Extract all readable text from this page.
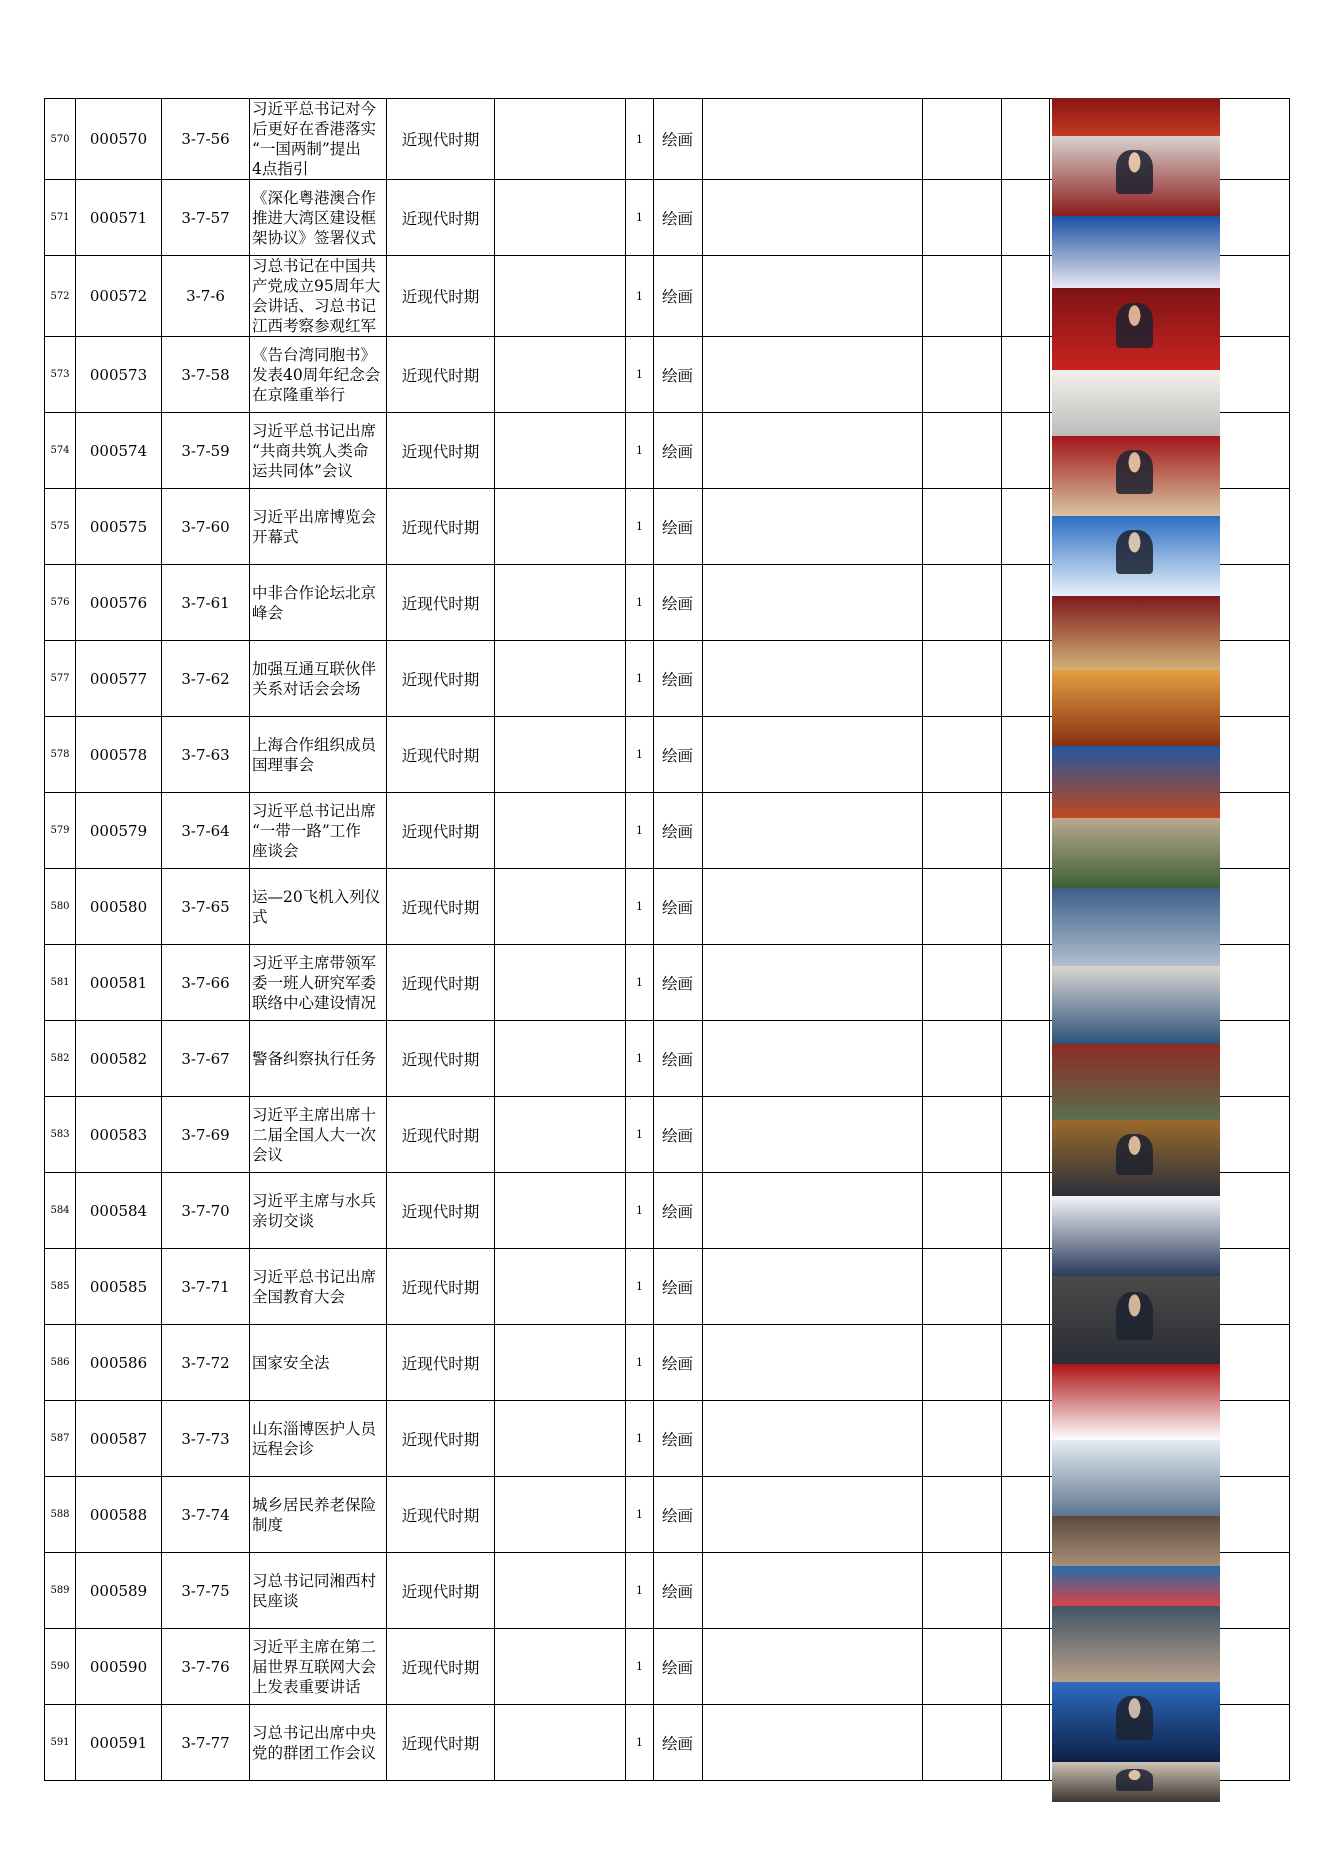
570	000570	3-7-56	习近平总书记对今
后更好在香港落实
“一国两制”提出
4点指引	近现代时期		1	绘画				
571	000571	3-7-57	《深化粤港澳合作
推进大湾区建设框
架协议》签署仪式	近现代时期		1	绘画				
572	000572	3-7-6	习总书记在中国共
产党成立95周年大
会讲话、习总书记
江西考察参观红军	近现代时期		1	绘画				
573	000573	3-7-58	《告台湾同胞书》
发表40周年纪念会
在京隆重举行	近现代时期		1	绘画				
574	000574	3-7-59	习近平总书记出席
“共商共筑人类命
运共同体”会议	近现代时期		1	绘画				
575	000575	3-7-60	习近平出席博览会
开幕式	近现代时期		1	绘画				
576	000576	3-7-61	中非合作论坛北京
峰会	近现代时期		1	绘画				
577	000577	3-7-62	加强互通互联伙伴
关系对话会会场	近现代时期		1	绘画				
578	000578	3-7-63	上海合作组织成员
国理事会	近现代时期		1	绘画				
579	000579	3-7-64	习近平总书记出席
“一带一路”工作
座谈会	近现代时期		1	绘画				
580	000580	3-7-65	运—20飞机入列仪
式	近现代时期		1	绘画				
581	000581	3-7-66	习近平主席带领军
委一班人研究军委
联络中心建设情况	近现代时期		1	绘画				
582	000582	3-7-67	警备纠察执行任务	近现代时期		1	绘画				
583	000583	3-7-69	习近平主席出席十
二届全国人大一次
会议	近现代时期		1	绘画				
584	000584	3-7-70	习近平主席与水兵
亲切交谈	近现代时期		1	绘画				
585	000585	3-7-71	习近平总书记出席
全国教育大会	近现代时期		1	绘画				
586	000586	3-7-72	国家安全法	近现代时期		1	绘画				
587	000587	3-7-73	山东淄博医护人员
远程会诊	近现代时期		1	绘画				
588	000588	3-7-74	城乡居民养老保险
制度	近现代时期		1	绘画				
589	000589	3-7-75	习总书记同湘西村
民座谈	近现代时期		1	绘画				
590	000590	3-7-76	习近平主席在第二
届世界互联网大会
上发表重要讲话	近现代时期		1	绘画				
591	000591	3-7-77	习总书记出席中央
党的群团工作会议	近现代时期		1	绘画				
